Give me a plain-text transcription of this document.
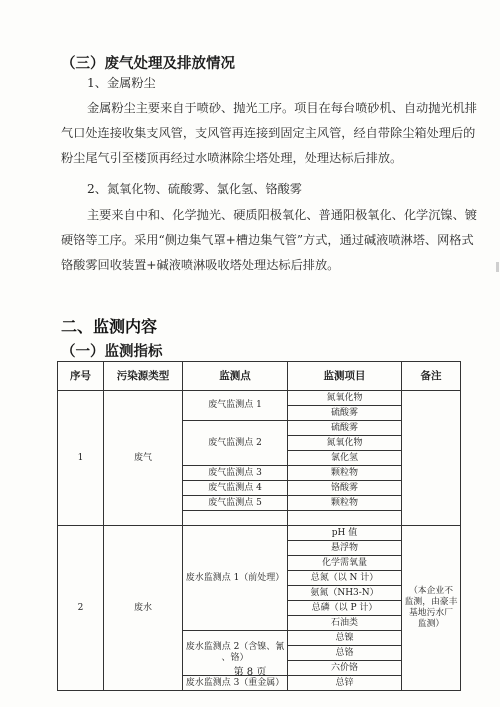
（三）废气处理及排放情况
1、金属粉尘
金属粉尘主要来自于喷砂、抛光工序。项目在每台喷砂机、自动抛光机排
气口处连接收集支风管，支风管再连接到固定主风管，经自带除尘箱处理后的
粉尘尾气引至楼顶再经过水喷淋除尘塔处理，处理达标后排放。
2、氮氧化物、硫酸雾、氯化氢、铬酸雾
主要来自中和、化学抛光、硬质阳极氧化、普通阳极氧化、化学沉镍、镀
硬铬等工序。采用“侧边集气罩+槽边集气管”方式，通过碱液喷淋塔、网格式
铬酸雾回收装置+碱液喷淋吸收塔处理达标后排放。
二、监测内容
（一）监测指标
序号	污染源类型	监测点	监测项目	备注
1	废气	废气监测点 1	氮氧化物	
			硫酸雾	
		废气监测点 2	硫酸雾	
			氮氧化物	
			氯化氢	
		废气监测点 3	颗粒物	
		废气监测点 4	铬酸雾	
		废气监测点 5	颗粒物	

2	废水	废水监测点 1（前处理）	pH 值	（本企业不
监测，由豪丰
基地污水厂
监测）

			悬浮物	
			化学需氧量	
			总氮（以 N 计）	
			氨氮（NH3-N）	
			总磷（以 P 计）	
			石油类	

		废水监测点 2（含镍、氰
、铬）	总镍	
			总铬	
			六价铬	
		废水监测点 3（重金属）	总锌	
第 8 页
